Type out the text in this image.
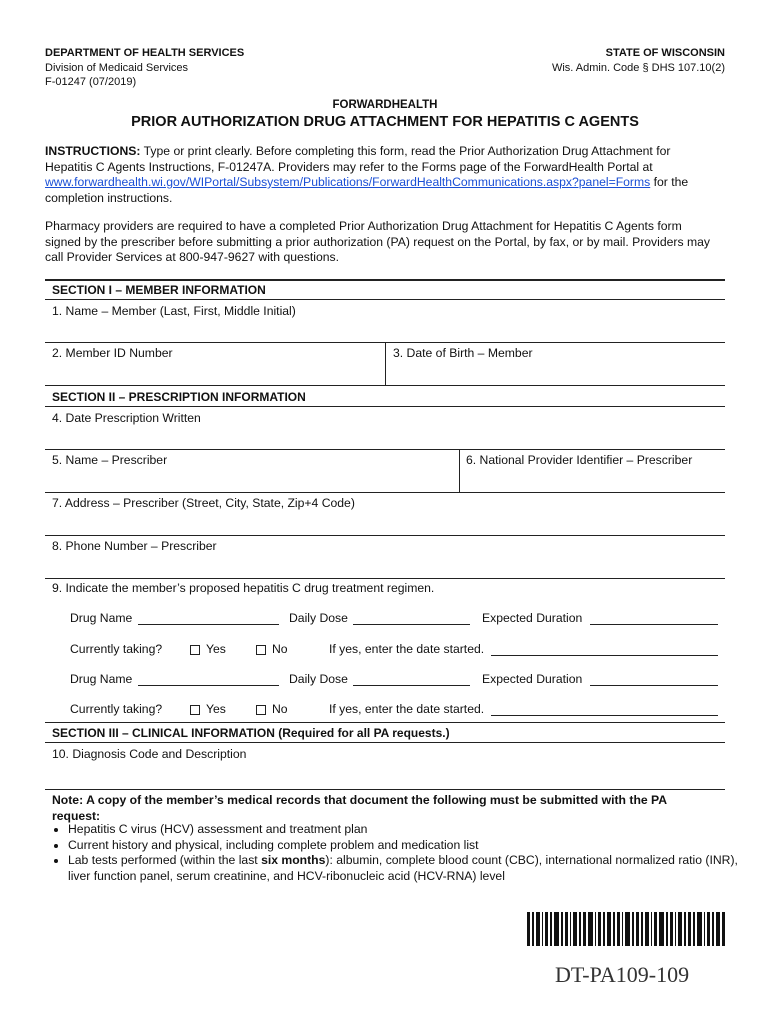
DEPARTMENT OF HEALTH SERVICES
Division of Medicaid Services
F-01247 (07/2019)
STATE OF WISCONSIN
Wis. Admin. Code § DHS 107.10(2)
FORWARDHEALTH
PRIOR AUTHORIZATION DRUG ATTACHMENT FOR HEPATITIS C AGENTS
INSTRUCTIONS: Type or print clearly. Before completing this form, read the Prior Authorization Drug Attachment for Hepatitis C Agents Instructions, F-01247A. Providers may refer to the Forms page of the ForwardHealth Portal at www.forwardhealth.wi.gov/WIPortal/Subsystem/Publications/ForwardHealthCommunications.aspx?panel=Forms for the completion instructions.
Pharmacy providers are required to have a completed Prior Authorization Drug Attachment for Hepatitis C Agents form signed by the prescriber before submitting a prior authorization (PA) request on the Portal, by fax, or by mail. Providers may call Provider Services at 800-947-9627 with questions.
SECTION I – MEMBER INFORMATION
1. Name – Member (Last, First, Middle Initial)
2. Member ID Number	3. Date of Birth – Member
SECTION II – PRESCRIPTION INFORMATION
4. Date Prescription Written
5. Name – Prescriber	6. National Provider Identifier – Prescriber
7. Address – Prescriber (Street, City, State, Zip+4 Code)
8. Phone Number – Prescriber
9. Indicate the member’s proposed hepatitis C drug treatment regimen.
Drug Name	Daily Dose	Expected Duration
Currently taking?	Yes	No	If yes, enter the date started.
Drug Name	Daily Dose	Expected Duration
Currently taking?	Yes	No	If yes, enter the date started.
SECTION III – CLINICAL INFORMATION (Required for all PA requests.)
10. Diagnosis Code and Description
Note: A copy of the member’s medical records that document the following must be submitted with the PA request:
• Hepatitis C virus (HCV) assessment and treatment plan
• Current history and physical, including complete problem and medication list
• Lab tests performed (within the last six months): albumin, complete blood count (CBC), international normalized ratio (INR), liver function panel, serum creatinine, and HCV-ribonucleic acid (HCV-RNA) level
DT-PA109-109
